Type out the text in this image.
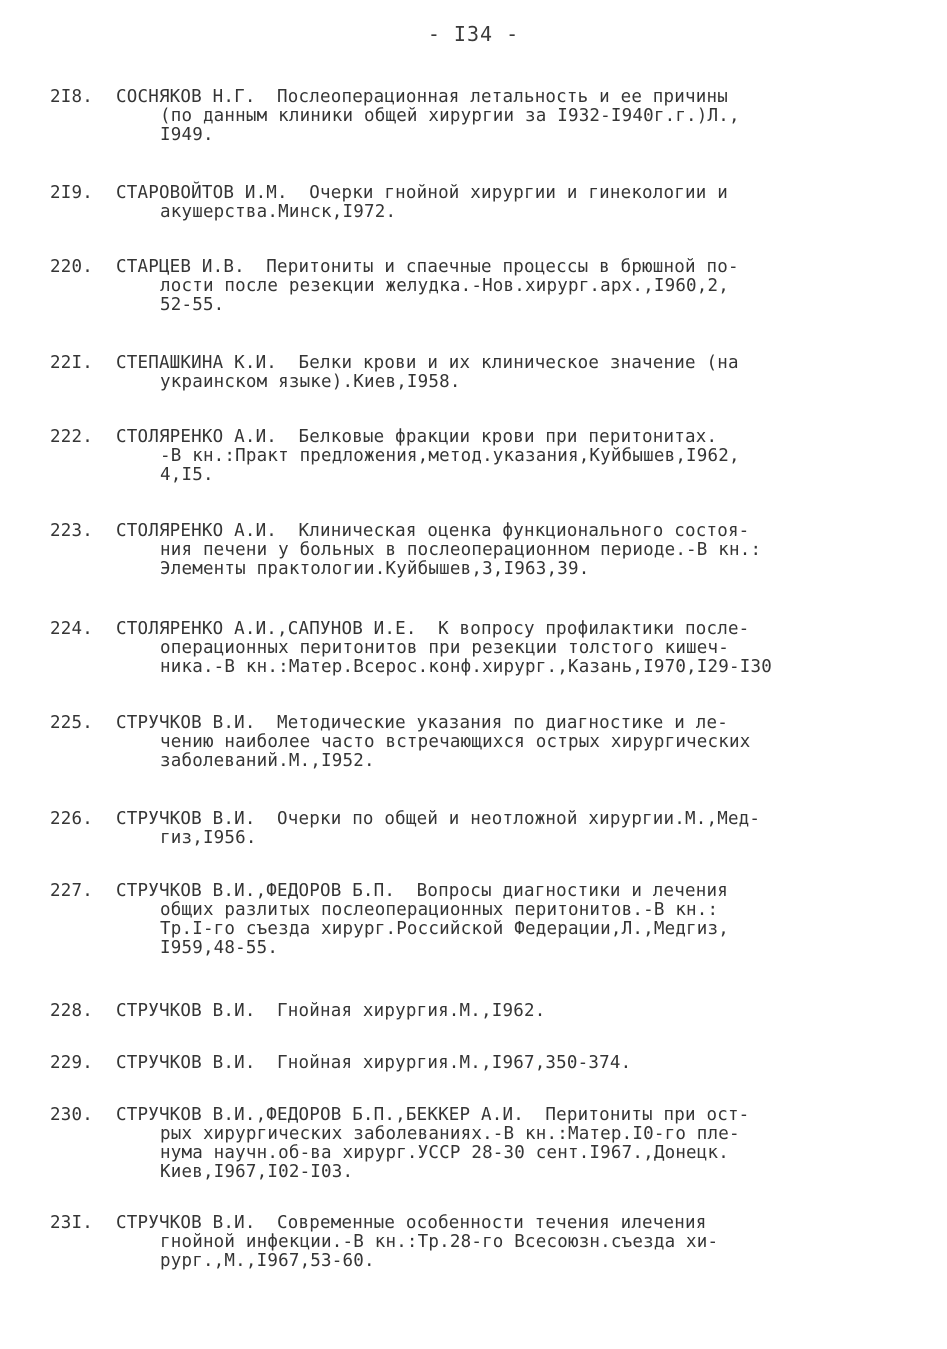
- I34 -
2I8.	СОСНЯКОВ Н.Г.  Послеоперационная летальность и ее причины
(по данным клиники общей хирургии за I932-I940г.г.)Л.,
I949.
2I9.	СТАРОВОЙТОВ И.М.  Очерки гнойной хирургии и гинекологии и
акушерства.Минск,I972.
220.	СТАРЦЕВ И.В.  Перитониты и спаечные процессы в брюшной по-
лости после резекции желудка.-Нов.хирург.арх.,I960,2,
52-55.
22I.	СТЕПАШКИНА К.И.  Белки крови и их клиническое значение (на
украинском языке).Киев,I958.
222.	СТОЛЯРЕНКО А.И.  Белковые фракции крови при перитонитах.
-В кн.:Практ предложения,метод.указания,Куйбышев,I962,
4,I5.
223.	СТОЛЯРЕНКО А.И.  Клиническая оценка функционального состоя-
ния печени у больных в послеоперационном периоде.-В кн.:
Элементы практологии.Куйбышев,3,I963,39.
224.	СТОЛЯРЕНКО А.И.,САПУНОВ И.Е.  К вопросу профилактики после-
операционных перитонитов при резекции толстого кишеч-
ника.-В кн.:Матер.Всерос.конф.хирург.,Казань,I970,I29-I30
225.	СТРУЧКОВ В.И.  Методические указания по диагностике и ле-
чению наиболее часто встречающихся острых хирургических
заболеваний.М.,I952.
226.	СТРУЧКОВ В.И.  Очерки по общей и неотложной хирургии.М.,Мед-
гиз,I956.
227.	СТРУЧКОВ В.И.,ФЕДОРОВ Б.П.  Вопросы диагностики и лечения
общих разлитых послеоперационных перитонитов.-В кн.:
Тр.I-го съезда хирург.Российской Федерации,Л.,Медгиз,
I959,48-55.
228.	СТРУЧКОВ В.И.  Гнойная хирургия.М.,I962.
229.	СТРУЧКОВ В.И.  Гнойная хирургия.М.,I967,350-374.
230.	СТРУЧКОВ В.И.,ФЕДОРОВ Б.П.,БЕККЕР А.И.  Перитониты при ост-
рых хирургических заболеваниях.-В кн.:Матер.I0-го пле-
нума научн.об-ва хирург.УССР 28-30 сент.I967.,Донецк.
Киев,I967,I02-I03.
23I.	СТРУЧКОВ В.И.  Современные особенности течения илечения
гнойной инфекции.-В кн.:Тр.28-го Всесоюзн.съезда хи-
рург.,М.,I967,53-60.
